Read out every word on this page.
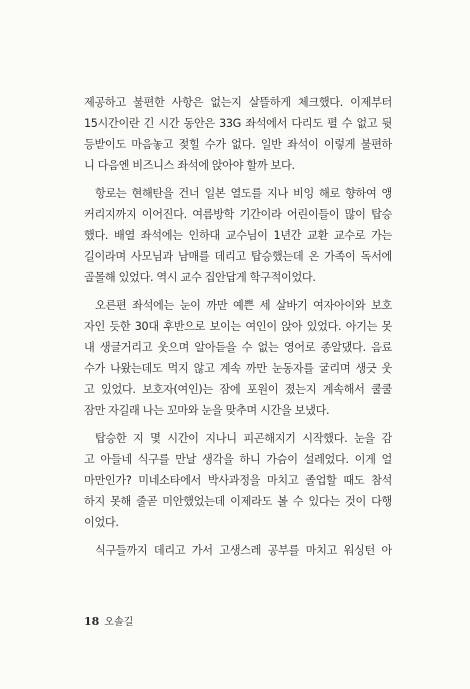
제공하고 불편한 사항은 없는지 살뜰하게 체크했다. 이제부터
15시간이란 긴 시간 동안은 33G 좌석에서 다리도 펼 수 없고 뒷
등받이도 마음놓고 젖힐 수가 없다. 일반 좌석이 이렇게 불편하
니 다음엔 비즈니스 좌석에 앉아야 할까 보다.
항로는 현해탄을 건너 일본 열도를 지나 비잉 해로 향하여 앵
커리지까지 이어진다. 여름방학 기간이라 어린이들이 많이 탑승
했다. 배열 좌석에는 인하대 교수님이 1년간 교환 교수로 가는
길이라며 사모님과 남매를 데리고 탑승했는데 온 가족이 독서에
골몰해 있었다. 역시 교수 집안답게 학구적이었다.
오른편 좌석에는 눈이 까만 예쁜 세 살바기 여자아이와 보호
자인 듯한 30대 후반으로 보이는 여인이 앉아 있었다. 아기는 못
내 생글거리고 웃으며 알아듣을 수 없는 영어로 종알댔다. 음료
수가 나왔는데도 먹지 않고 계속 까만 눈동자를 굴리며 생긋 웃
고 있었다. 보호자(여인)는 잠에 포원이 졌는지 계속해서 쿨쿨
잠만 자길래 나는 꼬마와 눈을 맞추며 시간을 보냈다.
탑승한 지 몇 시간이 지나니 피곤해지기 시작했다. 눈을 감
고 아들네 식구를 만날 생각을 하니 가슴이 설레었다. 이게 얼
마만인가? 미네소타에서 박사과정을 마치고 졸업할 때도 참석
하지 못해 줄곧 미안했었는데 이제라도 볼 수 있다는 것이 다행
이었다.
식구들까지 데리고 가서 고생스레 공부를 마치고 워싱턴 아
18 오솔길
